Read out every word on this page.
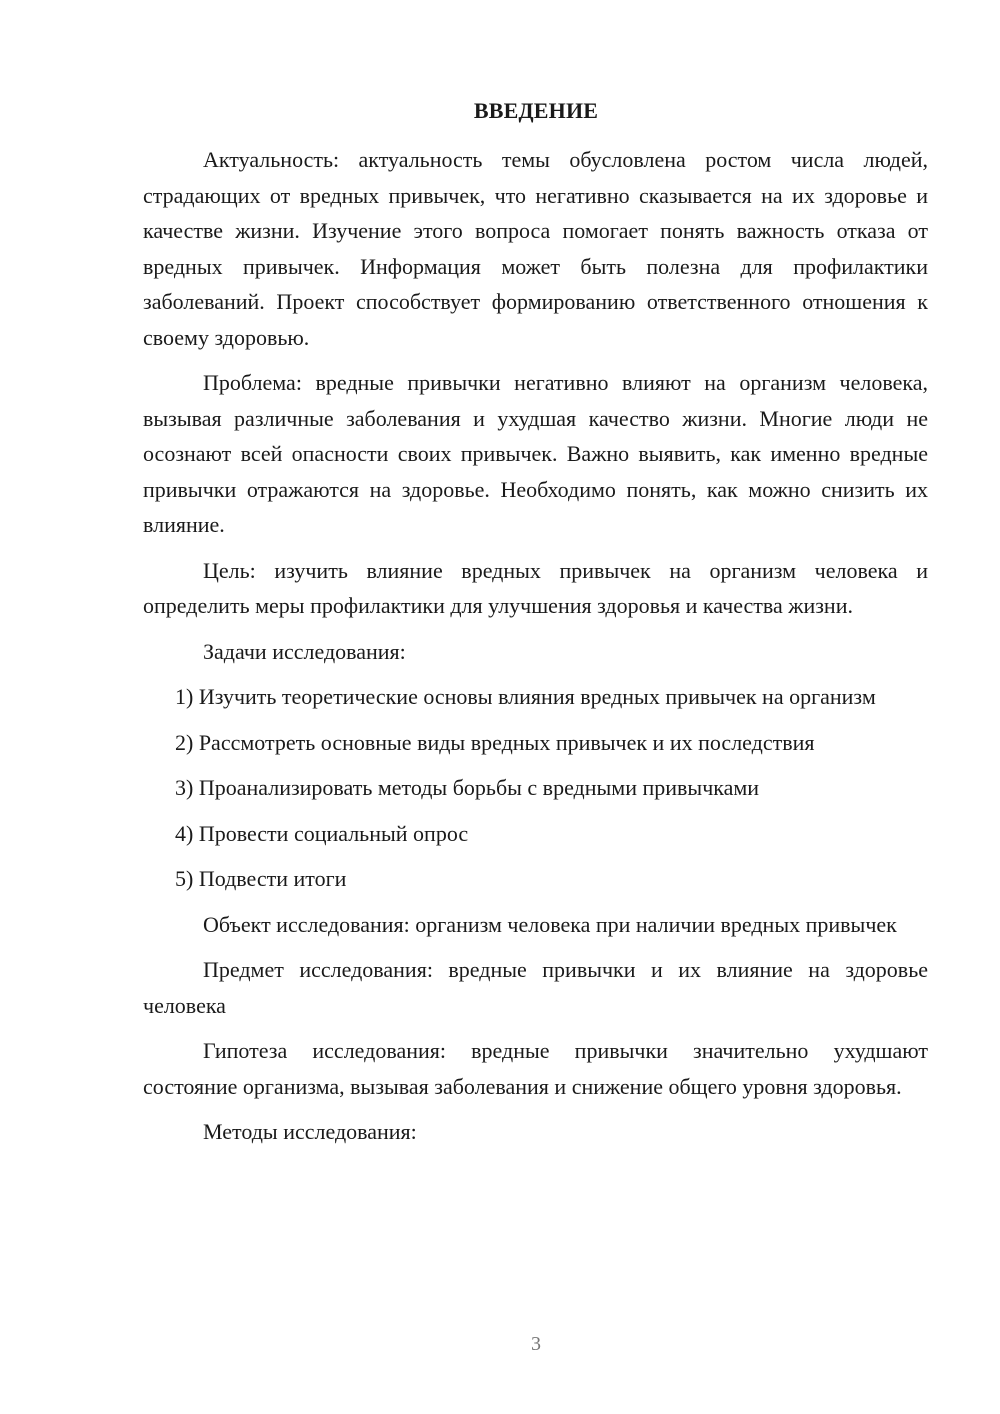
ВВЕДЕНИЕ

Актуальность: актуальность темы обусловлена ростом числа людей, страдающих от вредных привычек, что негативно сказывается на их здоровье и качестве жизни. Изучение этого вопроса помогает понять важность отказа от вредных привычек. Информация может быть полезна для профилактики заболеваний. Проект способствует формированию ответственного отношения к своему здоровью.

Проблема: вредные привычки негативно влияют на организм человека, вызывая различные заболевания и ухудшая качество жизни. Многие люди не осознают всей опасности своих привычек. Важно выявить, как именно вредные привычки отражаются на здоровье. Необходимо понять, как можно снизить их влияние.

Цель: изучить влияние вредных привычек на организм человека и определить меры профилактики для улучшения здоровья и качества жизни.

Задачи исследования:

1) Изучить теоретические основы влияния вредных привычек на организм

2) Рассмотреть основные виды вредных привычек и их последствия

3) Проанализировать методы борьбы с вредными привычками

4) Провести социальный опрос

5) Подвести итоги

Объект исследования: организм человека при наличии вредных привычек

Предмет исследования: вредные привычки и их влияние на здоровье человека

Гипотеза исследования: вредные привычки значительно ухудшают состояние организма, вызывая заболевания и снижение общего уровня здоровья.

Методы исследования:

3
